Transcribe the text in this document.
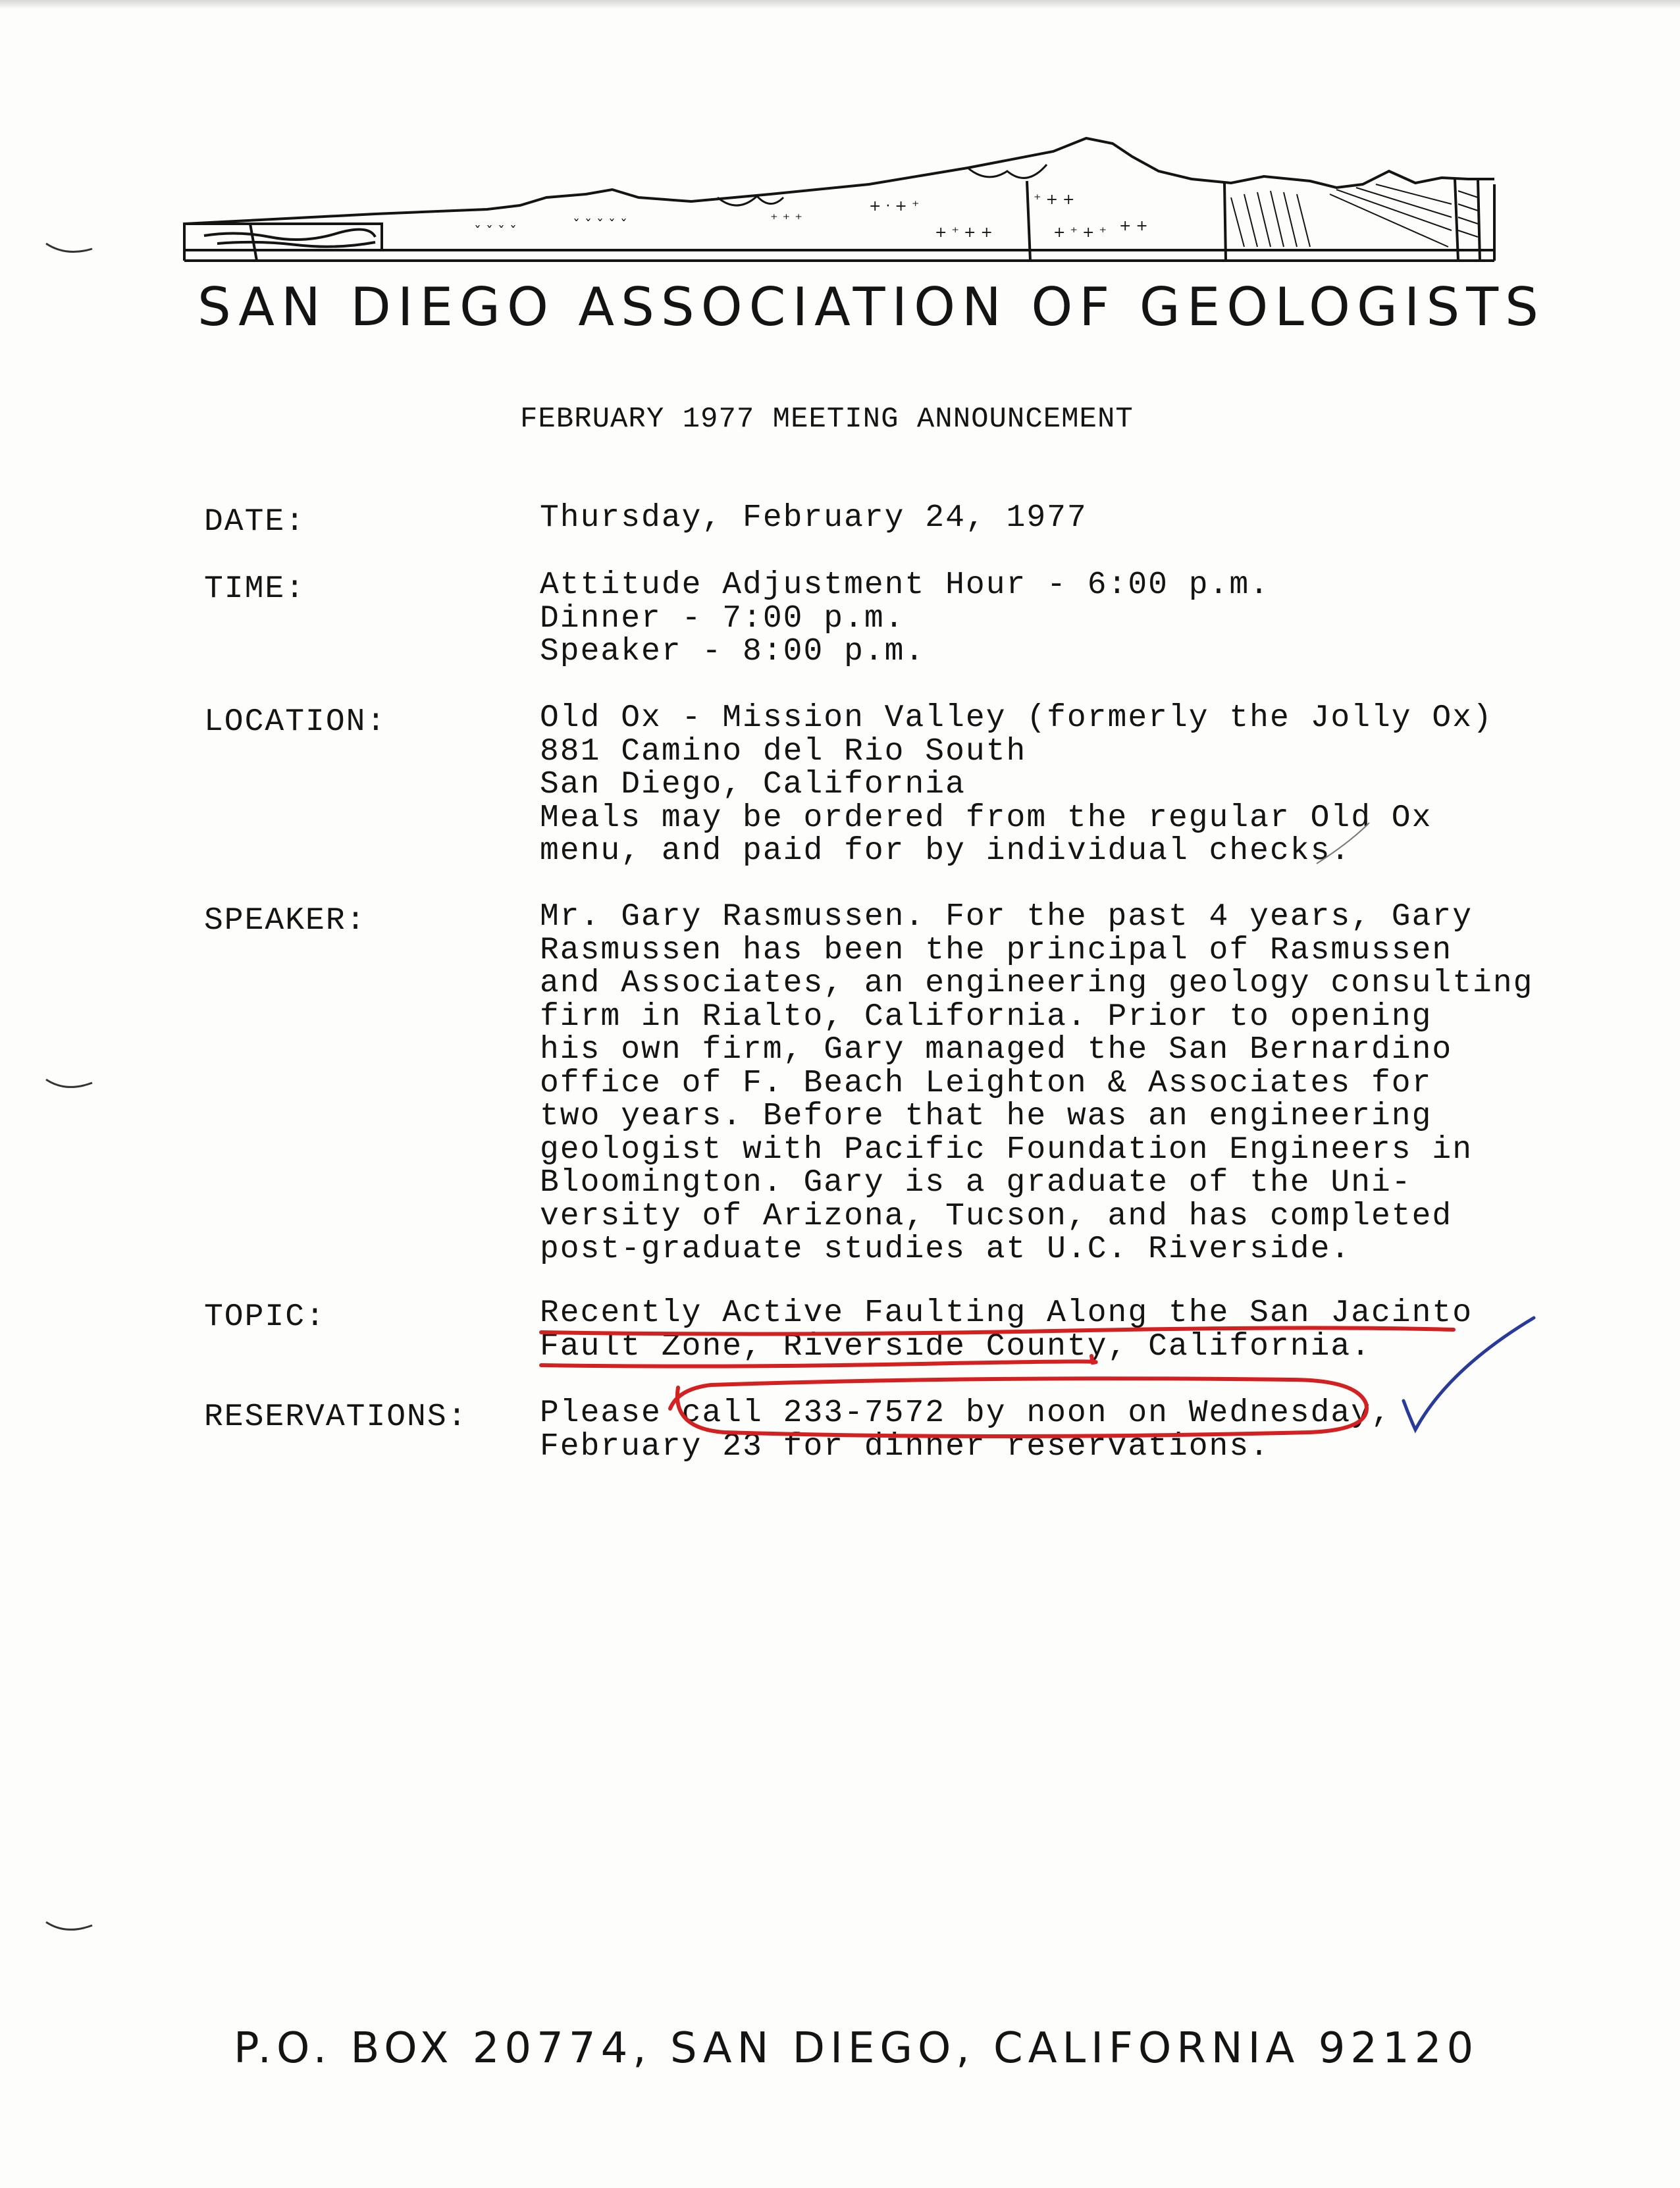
⁺ ⁺ ⁺
+ · + ⁺
+ ⁺ + +
⁺ + +
+ ⁺ + ⁺ + +
ˇ ˇ ˇ ˇ ˇ
ˇ ˇ ˇ ˇ
SAN DIEGO ASSOCIATION OF GEOLOGISTS
FEBRUARY 1977 MEETING ANNOUNCEMENT
DATE:	Thursday, February 24, 1977
TIME:	Attitude Adjustment Hour - 6:00 p.m.
Dinner - 7:00 p.m.
Speaker - 8:00 p.m.
LOCATION:	Old Ox - Mission Valley (formerly the Jolly Ox)
881 Camino del Rio South
San Diego, California
Meals may be ordered from the regular Old Ox
menu, and paid for by individual checks.
SPEAKER:	Mr. Gary Rasmussen. For the past 4 years, Gary
Rasmussen has been the principal of Rasmussen
and Associates, an engineering geology consulting
firm in Rialto, California. Prior to opening
his own firm, Gary managed the San Bernardino
office of F. Beach Leighton & Associates for
two years. Before that he was an engineering
geologist with Pacific Foundation Engineers in
Bloomington. Gary is a graduate of the Uni-
versity of Arizona, Tucson, and has completed
post-graduate studies at U.C. Riverside.
TOPIC:	Recently Active Faulting Along the San Jacinto
Fault Zone, Riverside County, California.
RESERVATIONS: Please call 233-7572 by noon on Wednesday,
February 23 for dinner reservations.
P.O. BOX 20774, SAN DIEGO, CALIFORNIA 92120
